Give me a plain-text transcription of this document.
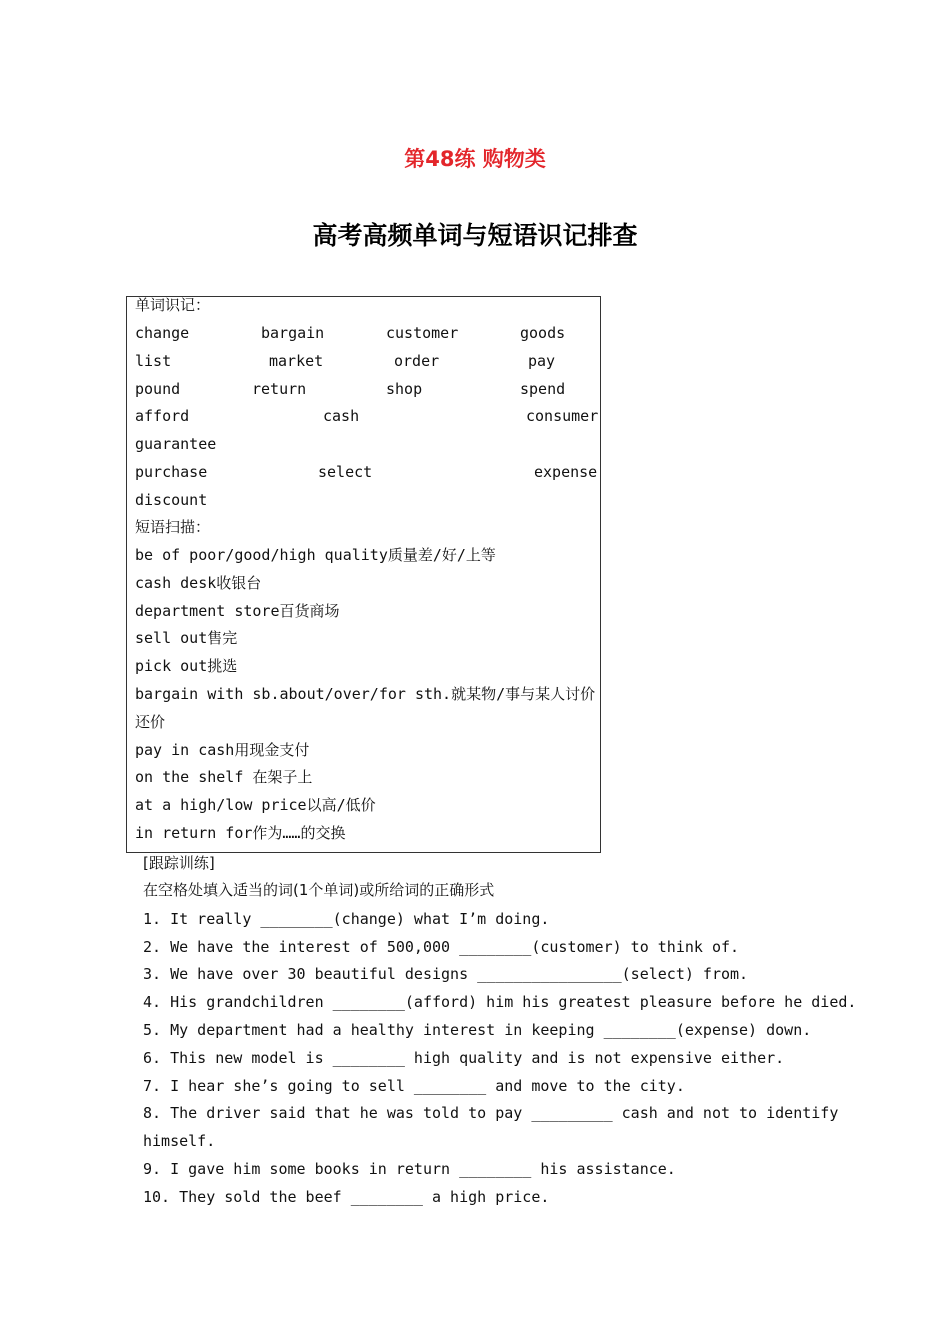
第48练 购物类
高考高频单词与短语识记排查
单词识记：
change	bargain	customer	goods
list	market	order	pay
pound	return	shop	spend
afford	cash	consumer
guarantee
purchase	select	expense
discount
短语扫描：
be of poor/good/high quality质量差/好/上等
cash desk收银台
department store百货商场
sell out售完
pick out挑选
bargain with sb.about/over/for sth.就某物/事与某人讨价
还价
pay in cash用现金支付
on the shelf 在架子上
at a high/low price以高/低价
in return for作为……的交换
[跟踪训练]
在空格处填入适当的词(1个单词)或所给词的正确形式
1. It really ________(change) what I’m doing.
2. We have the interest of 500,000 ________(customer) to think of.
3. We have over 30 beautiful designs ________________(select) from.
4. His grandchildren ________(afford) him his greatest pleasure before he died.
5. My department had a healthy interest in keeping ________(expense) down.
6. This new model is ________ high quality and is not expensive either.
7. I hear she’s going to sell ________ and move to the city.
8. The driver said that he was told to pay _________ cash and not to identify
himself.
9. I gave him some books in return ________ his assistance.
10. They sold the beef ________ a high price.
